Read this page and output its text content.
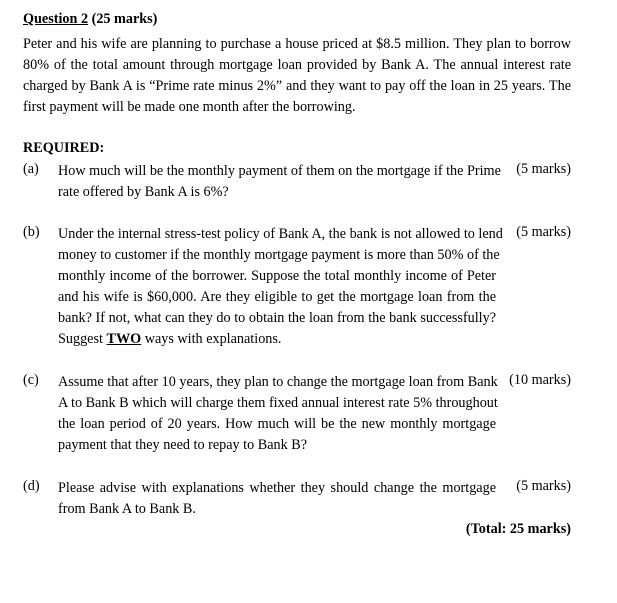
Question 2 (25 marks)
Peter and his wife are planning to purchase a house priced at $8.5 million. They plan to borrow
80% of the total amount through mortgage loan provided by Bank A. The annual interest rate
charged by Bank A is “Prime rate minus 2%” and they want to pay off the loan in 25 years. The
first payment will be made one month after the borrowing.
REQUIRED:
(a) How much will be the monthly payment of them on the mortgage if the Prime
rate offered by Bank A is 6%?
(5 marks)
(b) Under the internal stress-test policy of Bank A, the bank is not allowed to lend
money to customer if the monthly mortgage payment is more than 50% of the
monthly income of the borrower. Suppose the total monthly income of Peter
and his wife is $60,000. Are they eligible to get the mortgage loan from the
bank? If not, what can they do to obtain the loan from the bank successfully?
Suggest TWO ways with explanations.
(5 marks)
(c) Assume that after 10 years, they plan to change the mortgage loan from Bank
A to Bank B which will charge them fixed annual interest rate 5% throughout
the loan period of 20 years. How much will be the new monthly mortgage
payment that they need to repay to Bank B?
(10 marks)
(d) Please advise with explanations whether they should change the mortgage
from Bank A to Bank B.
(5 marks)
(Total: 25 marks)
